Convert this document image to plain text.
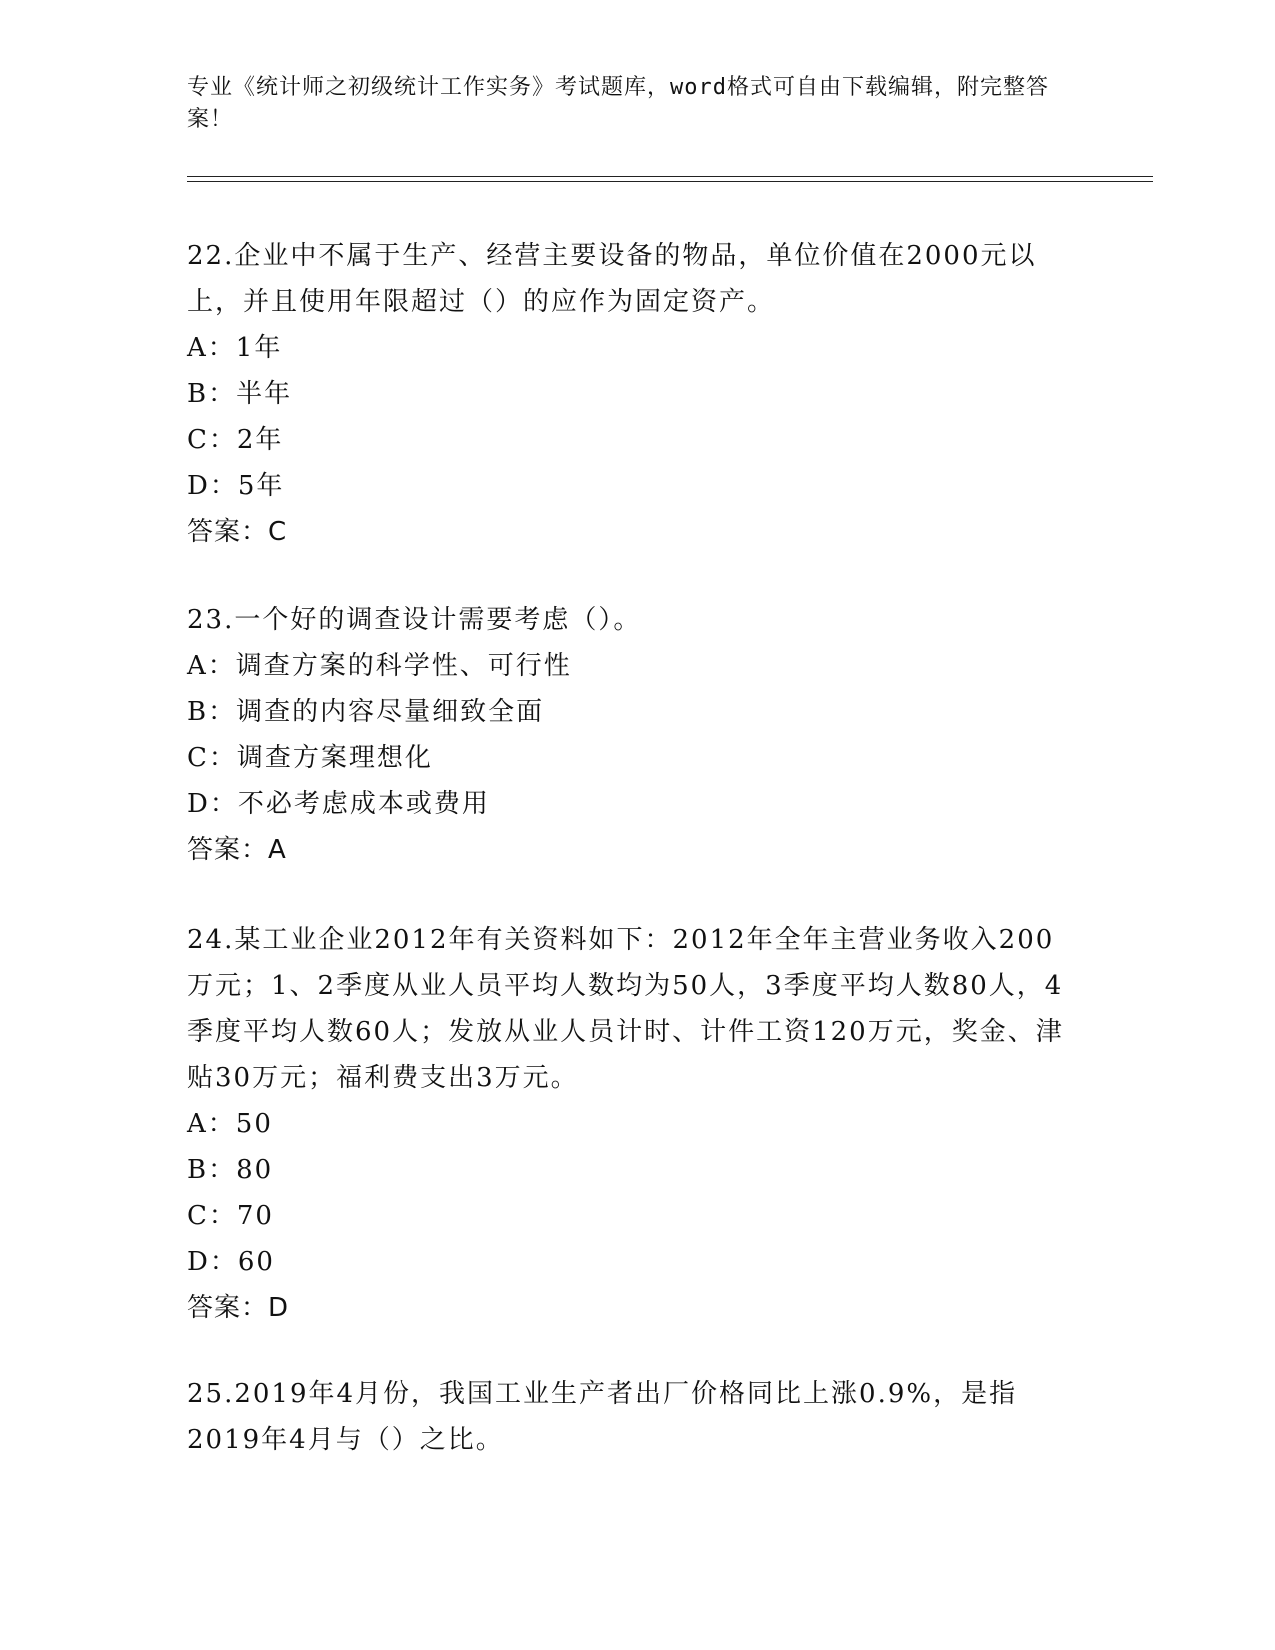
专业《统计师之初级统计工作实务》考试题库，word格式可自由下载编辑，附完整答案！

22.企业中不属于生产、经营主要设备的物品，单位价值在2000元以上，并且使用年限超过（）的应作为固定资产。

A：1年

B：半年

C：2年

D：5年

答案：C

23.一个好的调查设计需要考虑（）。

A：调查方案的科学性、可行性

B：调查的内容尽量细致全面

C：调查方案理想化

D：不必考虑成本或费用

答案：A

24.某工业企业2012年有关资料如下：2012年全年主营业务收入200万元；1、2季度从业人员平均人数均为50人，3季度平均人数80人，4季度平均人数60人；发放从业人员计时、计件工资120万元，奖金、津贴30万元；福利费支出3万元。

A：50

B：80

C：70

D：60

答案：D

25.2019年4月份，我国工业生产者出厂价格同比上涨0.9%，是指2019年4月与（）之比。
